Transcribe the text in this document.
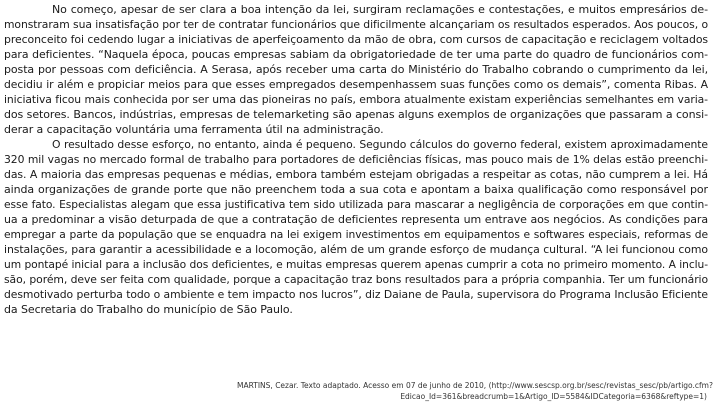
No começo, apesar de ser clara a boa intenção da lei, surgiram reclamações e contestações, e muitos empresários de-
monstraram sua insatisfação por ter de contratar funcionários que dificilmente alcançariam os resultados esperados. Aos poucos, o
preconceito foi cedendo lugar a iniciativas de aperfeiçoamento da mão de obra, com cursos de capacitação e reciclagem voltados
para deficientes. “Naquela época, poucas empresas sabiam da obrigatoriedade de ter uma parte do quadro de funcionários com-
posta por pessoas com deficiência. A Serasa, após receber uma carta do Ministério do Trabalho cobrando o cumprimento da lei,
decidiu ir além e propiciar meios para que esses empregados desempenhassem suas funções como os demais”, comenta Ribas. A
iniciativa ficou mais conhecida por ser uma das pioneiras no país, embora atualmente existam experiências semelhantes em varia-
dos setores. Bancos, indústrias, empresas de telemarketing são apenas alguns exemplos de organizações que passaram a consi-
derar a capacitação voluntária uma ferramenta útil na administração.
O resultado desse esforço, no entanto, ainda é pequeno. Segundo cálculos do governo federal, existem aproximadamente
320 mil vagas no mercado formal de trabalho para portadores de deficiências físicas, mas pouco mais de 1% delas estão preenchi-
das. A maioria das empresas pequenas e médias, embora também estejam obrigadas a respeitar as cotas, não cumprem a lei. Há
ainda organizações de grande porte que não preenchem toda a sua cota e apontam a baixa qualificação como responsável por
esse fato. Especialistas alegam que essa justificativa tem sido utilizada para mascarar a negligência de corporações em que contin-
ua a predominar a visão deturpada de que a contratação de deficientes representa um entrave aos negócios. As condições para
empregar a parte da população que se enquadra na lei exigem investimentos em equipamentos e softwares especiais, reformas de
instalações, para garantir a acessibilidade e a locomoção, além de um grande esforço de mudança cultural. “A lei funcionou como
um pontapé inicial para a inclusão dos deficientes, e muitas empresas querem apenas cumprir a cota no primeiro momento. A inclu-
são, porém, deve ser feita com qualidade, porque a capacitação traz bons resultados para a própria companhia. Ter um funcionário
desmotivado perturba todo o ambiente e tem impacto nos lucros”, diz Daiane de Paula, supervisora do Programa Inclusão Eficiente
da Secretaria do Trabalho do município de São Paulo.
MARTINS, Cezar. Texto adaptado. Acesso em 07 de junho de 2010, (http://www.sescsp.org.br/sesc/revistas_sesc/pb/artigo.cfm?
Edicao_Id=361&breadcrumb=1&Artigo_ID=5584&IDCategoria=6368&reftype=1)
